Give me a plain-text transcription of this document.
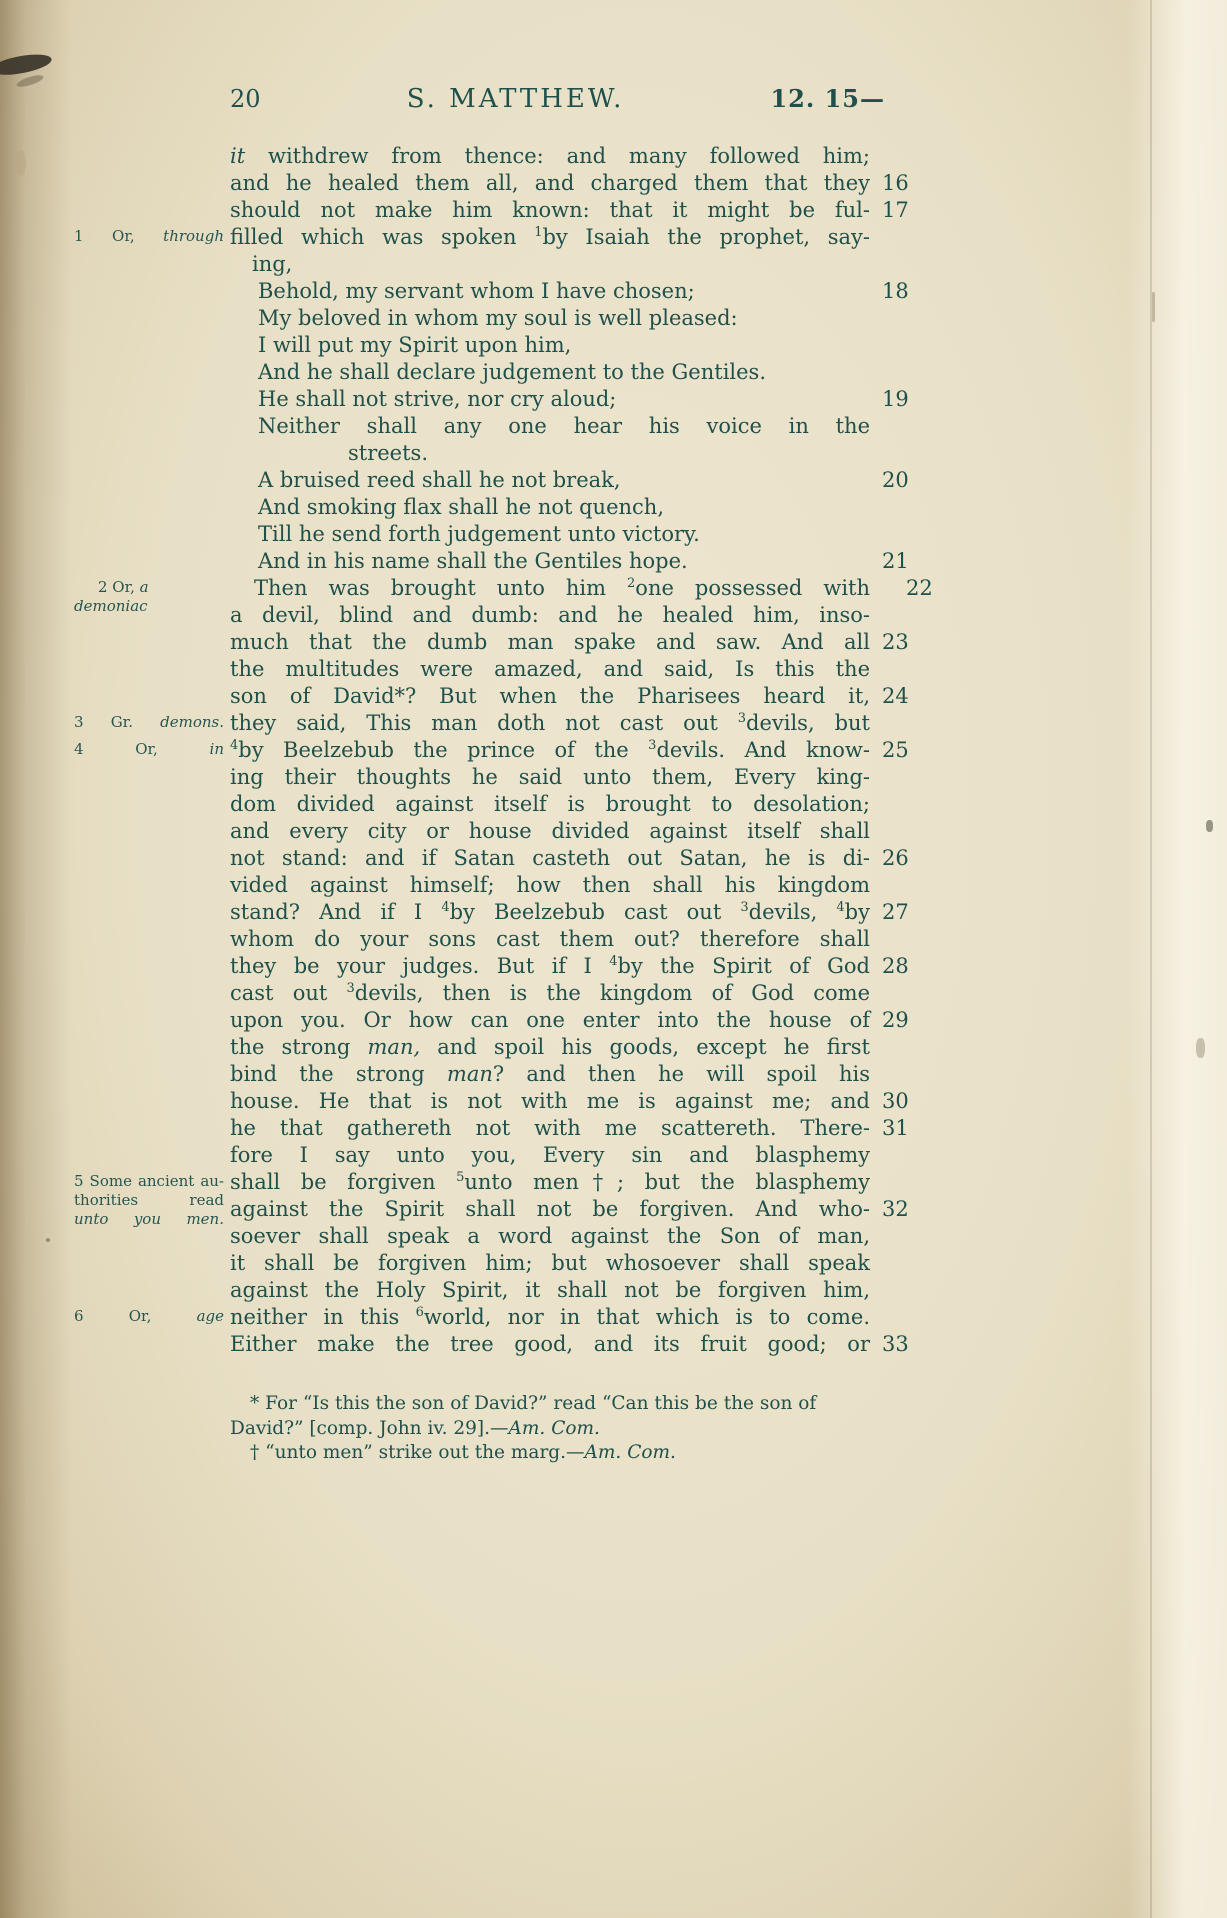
20	S. MATTHEW.	12. 15—
it withdrew from thence: and many followed him;
and he healed them all, and charged them that they 16
should not make him known: that it might be ful- 17
filled which was spoken $^1$by Isaiah the prophet, say-
1 Or, through
ing,
Behold, my servant whom I have chosen;	18
My beloved in whom my soul is well pleased:
I will put my Spirit upon him,
And he shall declare judgement to the Gentiles.
He shall not strive, nor cry aloud;	19
Neither shall any one hear his voice in the
streets.
A bruised reed shall he not break,	20
And smoking flax shall he not quench,
Till he send forth judgement unto victory.
And in his name shall the Gentiles hope.	21
Then was brought unto him $^2$one possessed with	22
2 Or, a demoniac	a devil, blind and dumb: and he healed him, inso-
much that the dumb man spake and saw. And all 23
the multitudes were amazed, and said, Is this the
son of David*? But when the Pharisees heard it, 24
they said, This man doth not cast out $^3$devils, but
3 Gr. demons.
$^4$by Beelzebub the prince of the $^3$devils. And know- 25
4 Or, in
ing their thoughts he said unto them, Every king-
dom divided against itself is brought to desolation;
and every city or house divided against itself shall
not stand: and if Satan casteth out Satan, he is di- 26
vided against himself; how then shall his kingdom
stand? And if I $^4$by Beelzebub cast out $^3$devils, $^4$by 27
whom do your sons cast them out? therefore shall
they be your judges. But if I $^4$by the Spirit of God 28
cast out $^3$devils, then is the kingdom of God come
upon you. Or how can one enter into the house of 29
the strong man, and spoil his goods, except he first
bind the strong man? and then he will spoil his
house. He that is not with me is against me; and 30
he that gathereth not with me scattereth. There- 31
fore I say unto you, Every sin and blasphemy
shall be forgiven $^5$unto men†; but the blasphemy
5 Some ancient au-
thorities read
unto you men. against the Spirit shall not be forgiven. And who- 32
soever shall speak a word against the Son of man,
it shall be forgiven him; but whosoever shall speak
against the Holy Spirit, it shall not be forgiven him,
neither in this $^6$world, nor in that which is to come.
6 Or, age
Either make the tree good, and its fruit good; or 33
* For “Is this the son of David?” read “Can this be the son of
David?” [comp. John iv. 29].—Am. Com.
† “unto men” strike out the marg.—Am. Com.
